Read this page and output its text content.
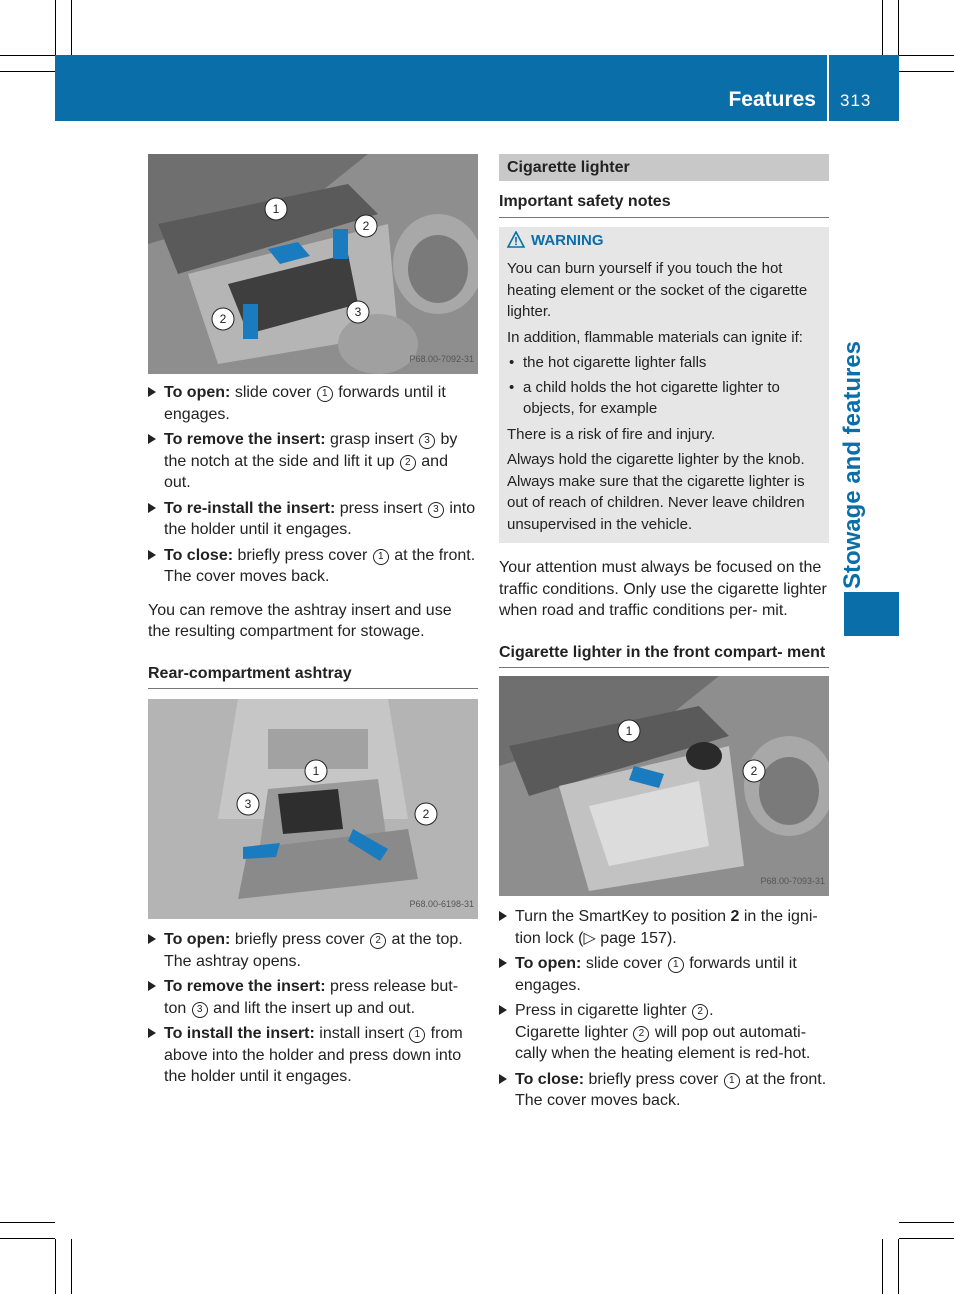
Features 313
Stowage and features
1
2
3
2
P68.00-7092-31
To open: slide cover 1 forwards until it engages.
To remove the insert: grasp insert 3 by the notch at the side and lift it up 2 and out.
To re-install the insert: press insert 3 into the holder until it engages.
To close: briefly press cover 1 at the front.
The cover moves back.

You can remove the ashtray insert and use the resulting compartment for stowage.

Rear-compartment ashtray
1
3
2
P68.00-6198-31
To open: briefly press cover 2 at the top.
The ashtray opens.
To remove the insert: press release but- ton 3 and lift the insert up and out.
To install the insert: install insert 1 from above into the holder and press down into the holder until it engages.
Cigarette lighter
Important safety notes
WARNING

You can burn yourself if you touch the hot heating element or the socket of the cigarette lighter.

In addition, flammable materials can ignite if:

• the hot cigarette lighter falls
• a child holds the hot cigarette lighter to objects, for example

There is a risk of fire and injury.

Always hold the cigarette lighter by the knob. Always make sure that the cigarette lighter is out of reach of children. Never leave children unsupervised in the vehicle.

Your attention must always be focused on the traffic conditions. Only use the cigarette lighter when road and traffic conditions per- mit.

Cigarette lighter in the front compart- ment
1
2
P68.00-7093-31
Turn the SmartKey to position 2 in the igni- tion lock (▷ page 157).
To open: slide cover 1 forwards until it engages.
Press in cigarette lighter 2 .
Cigarette lighter 2 will pop out automati- cally when the heating element is red-hot.
To close: briefly press cover 1 at the front.
The cover moves back.
